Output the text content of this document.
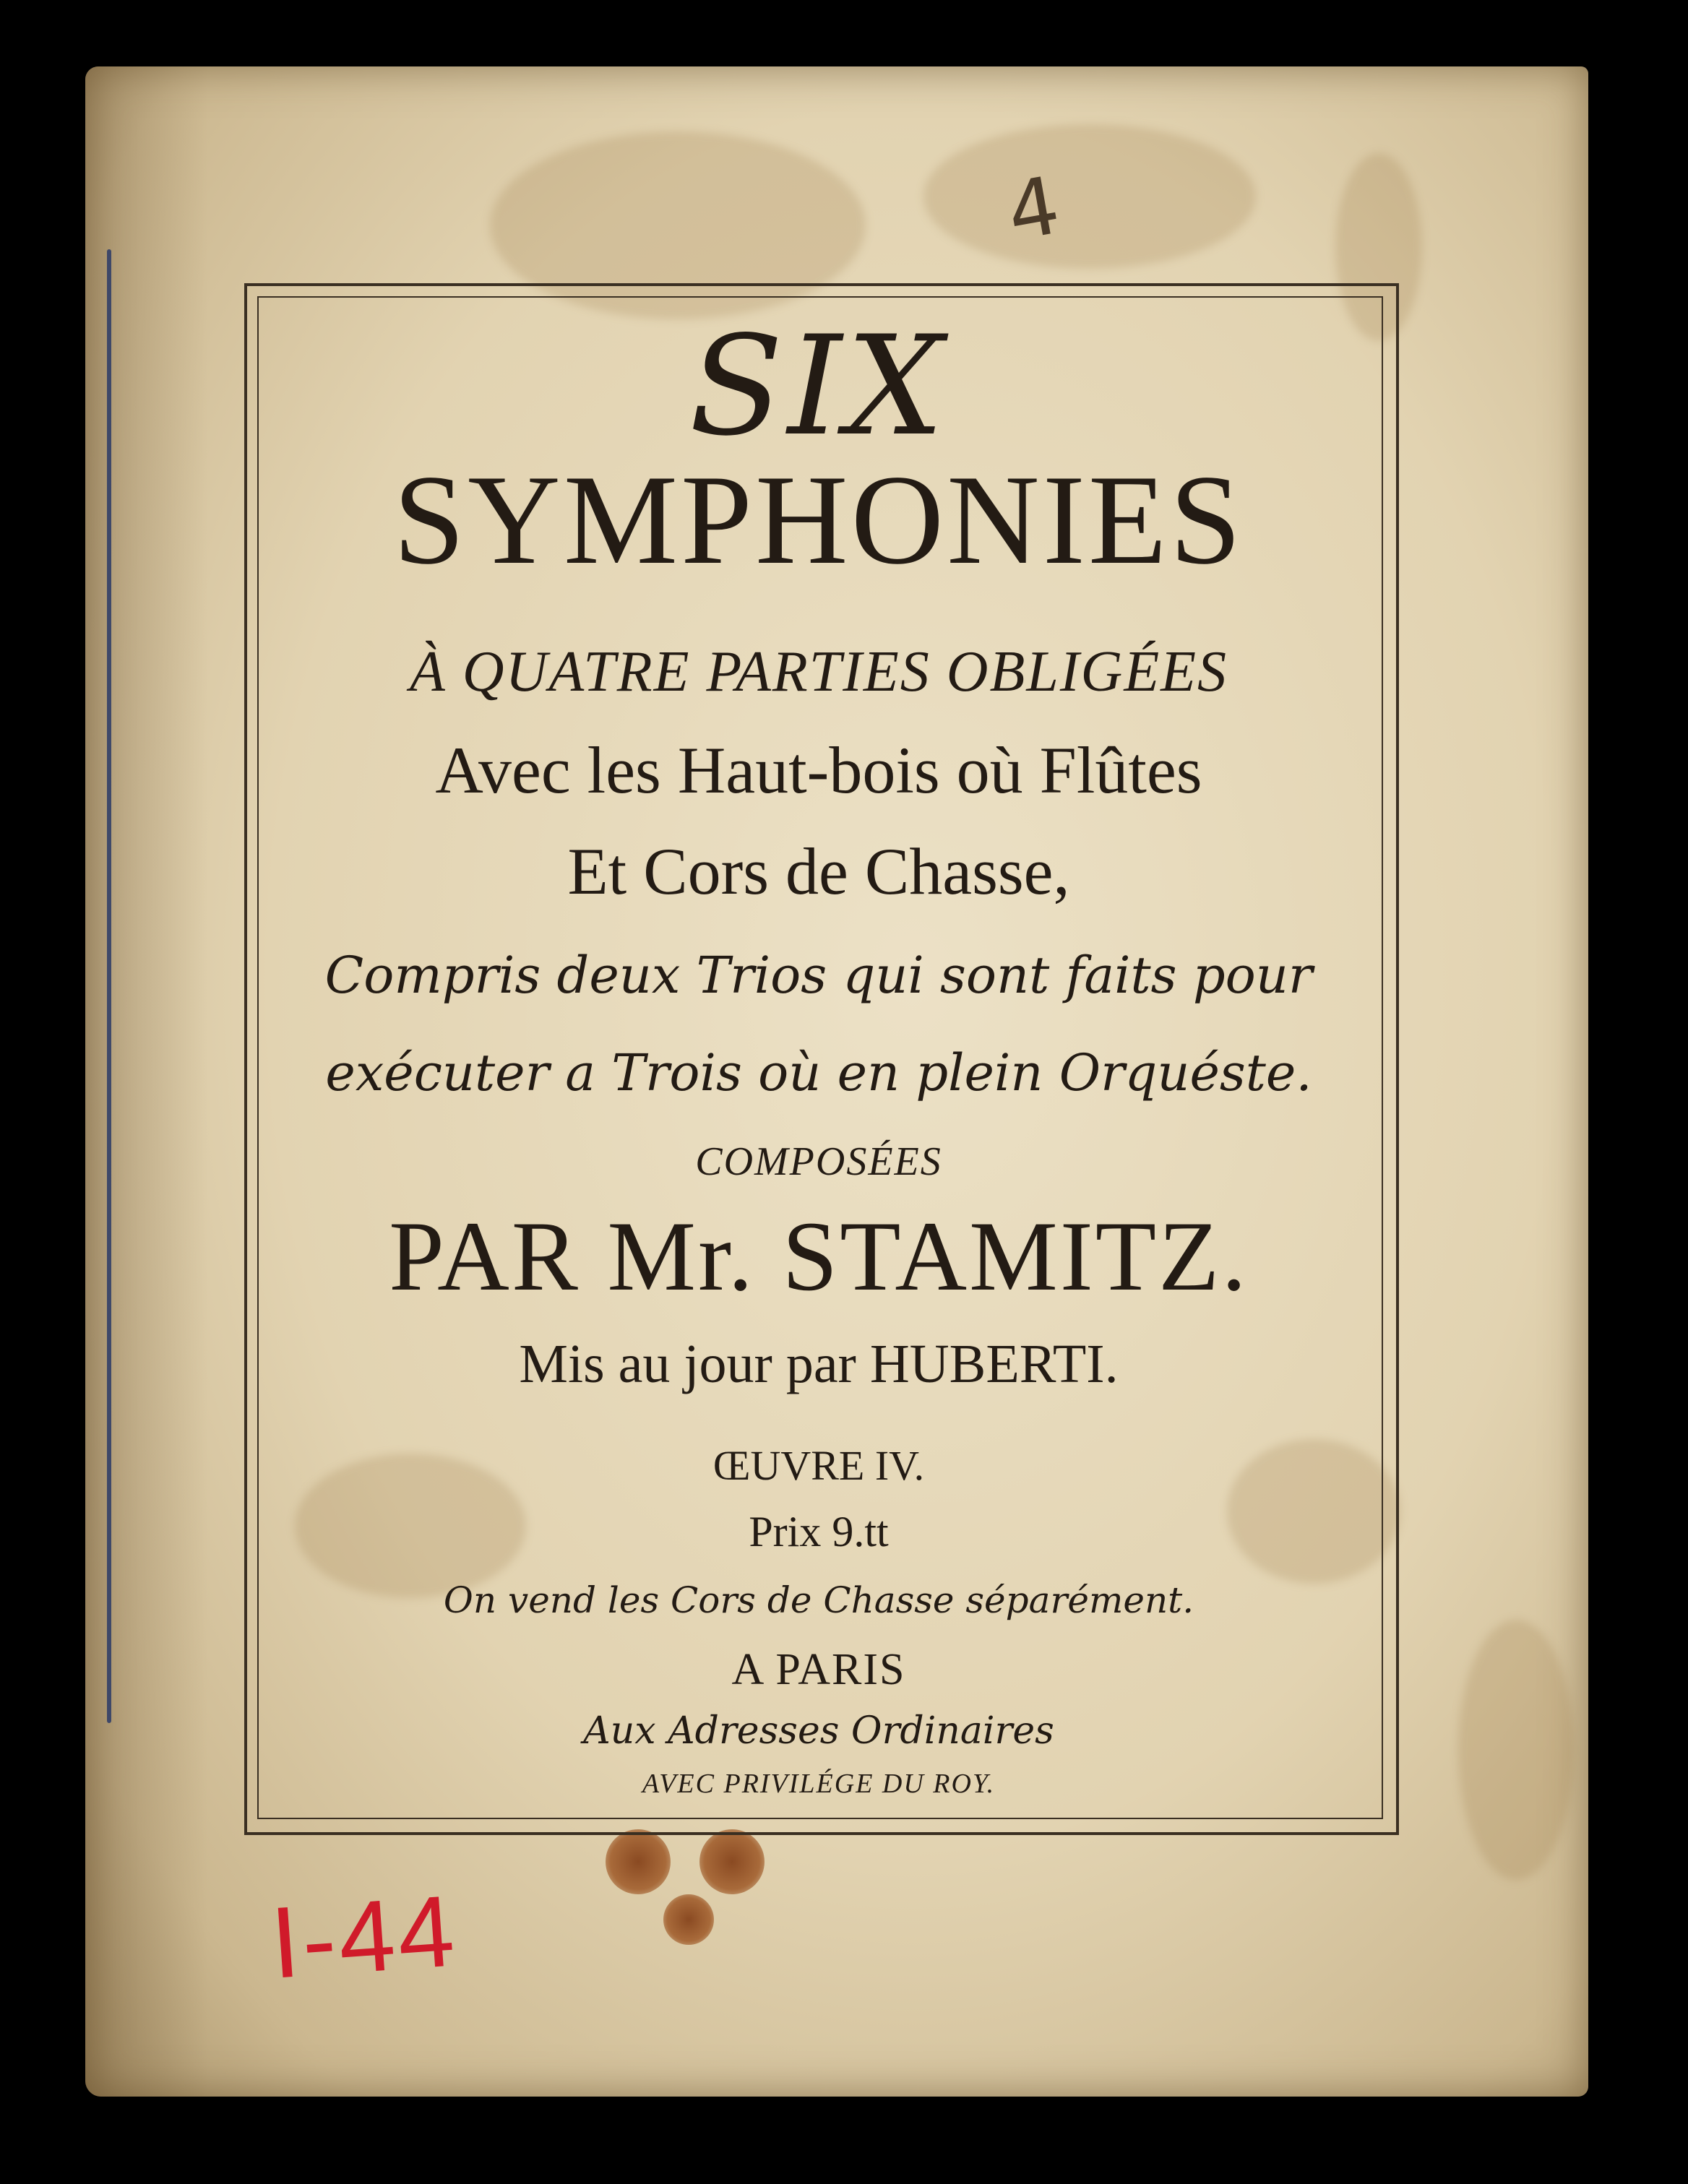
SIX
SYMPHONIES
À QUATRE PARTIES OBLIGÉES
Avec les Haut-bois où Flûtes
Et Cors de Chasse,
Compris deux Trios qui sont faits pour
exécuter a Trois où en plein Orquéste.
COMPOSÉES
PAR Mr. STAMITZ.
Mis au jour par HUBERTI.
ŒUVRE IV.
Prix 9.tt
On vend les Cors de Chasse séparément.
A PARIS
Aux Adresses Ordinaires
AVEC PRIVILÉGE DU ROY.
4
I-44
